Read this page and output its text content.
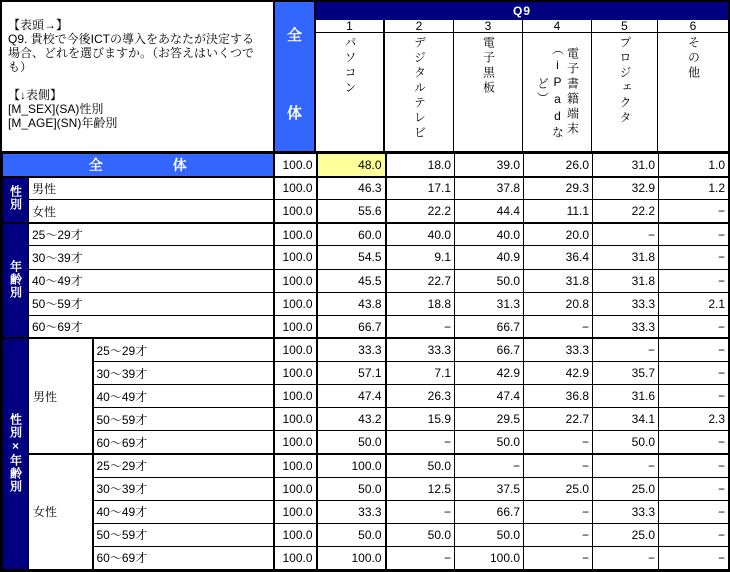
【表頭→】
Q9. 貴校で今後ICTの導入をあなたが決定する
場合、どれを選びますか。（お答えはいくつでも）
【↓表側】
[M_SEX](SA)性別
[M_AGE](SN)年齢別
全
体
Q9
1
パソコン
2
デジタルテレビ
3
電子黒板
4
電子書籍端末（iPadなど）
5
プロジェクタ
6
その他
全 体			100.0	48.0	18.0	39.0	26.0	31.0	1.0
性別	男性		100.0	46.3	17.1	37.8	29.3	32.9	1.2
	女性		100.0	55.6	22.2	44.4	11.1	22.2	−
年齢別	25〜29才		100.0	60.0	40.0	40.0	20.0	−	−
	30〜39才		100.0	54.5	9.1	40.9	36.4	31.8	−
	40〜49才		100.0	45.5	22.7	50.0	31.8	31.8	−
	50〜59才		100.0	43.8	18.8	31.3	20.8	33.3	2.1
	60〜69才		100.0	66.7	−	66.7	−	33.3	−
性別×年齢別	男性	25〜29才	100.0	33.3	33.3	66.7	33.3	−	−
		30〜39才	100.0	57.1	7.1	42.9	42.9	35.7	−
		40〜49才	100.0	47.4	26.3	47.4	36.8	31.6	−
		50〜59才	100.0	43.2	15.9	29.5	22.7	34.1	2.3
		60〜69才	100.0	50.0	−	50.0	−	50.0	−
	女性	25〜29才	100.0	100.0	50.0	−	−	−	−
		30〜39才	100.0	50.0	12.5	37.5	25.0	25.0	−
		40〜49才	100.0	33.3	−	66.7	−	33.3	−
		50〜59才	100.0	50.0	50.0	50.0	−	25.0	−
		60〜69才	100.0	100.0	−	100.0	−	−	−
